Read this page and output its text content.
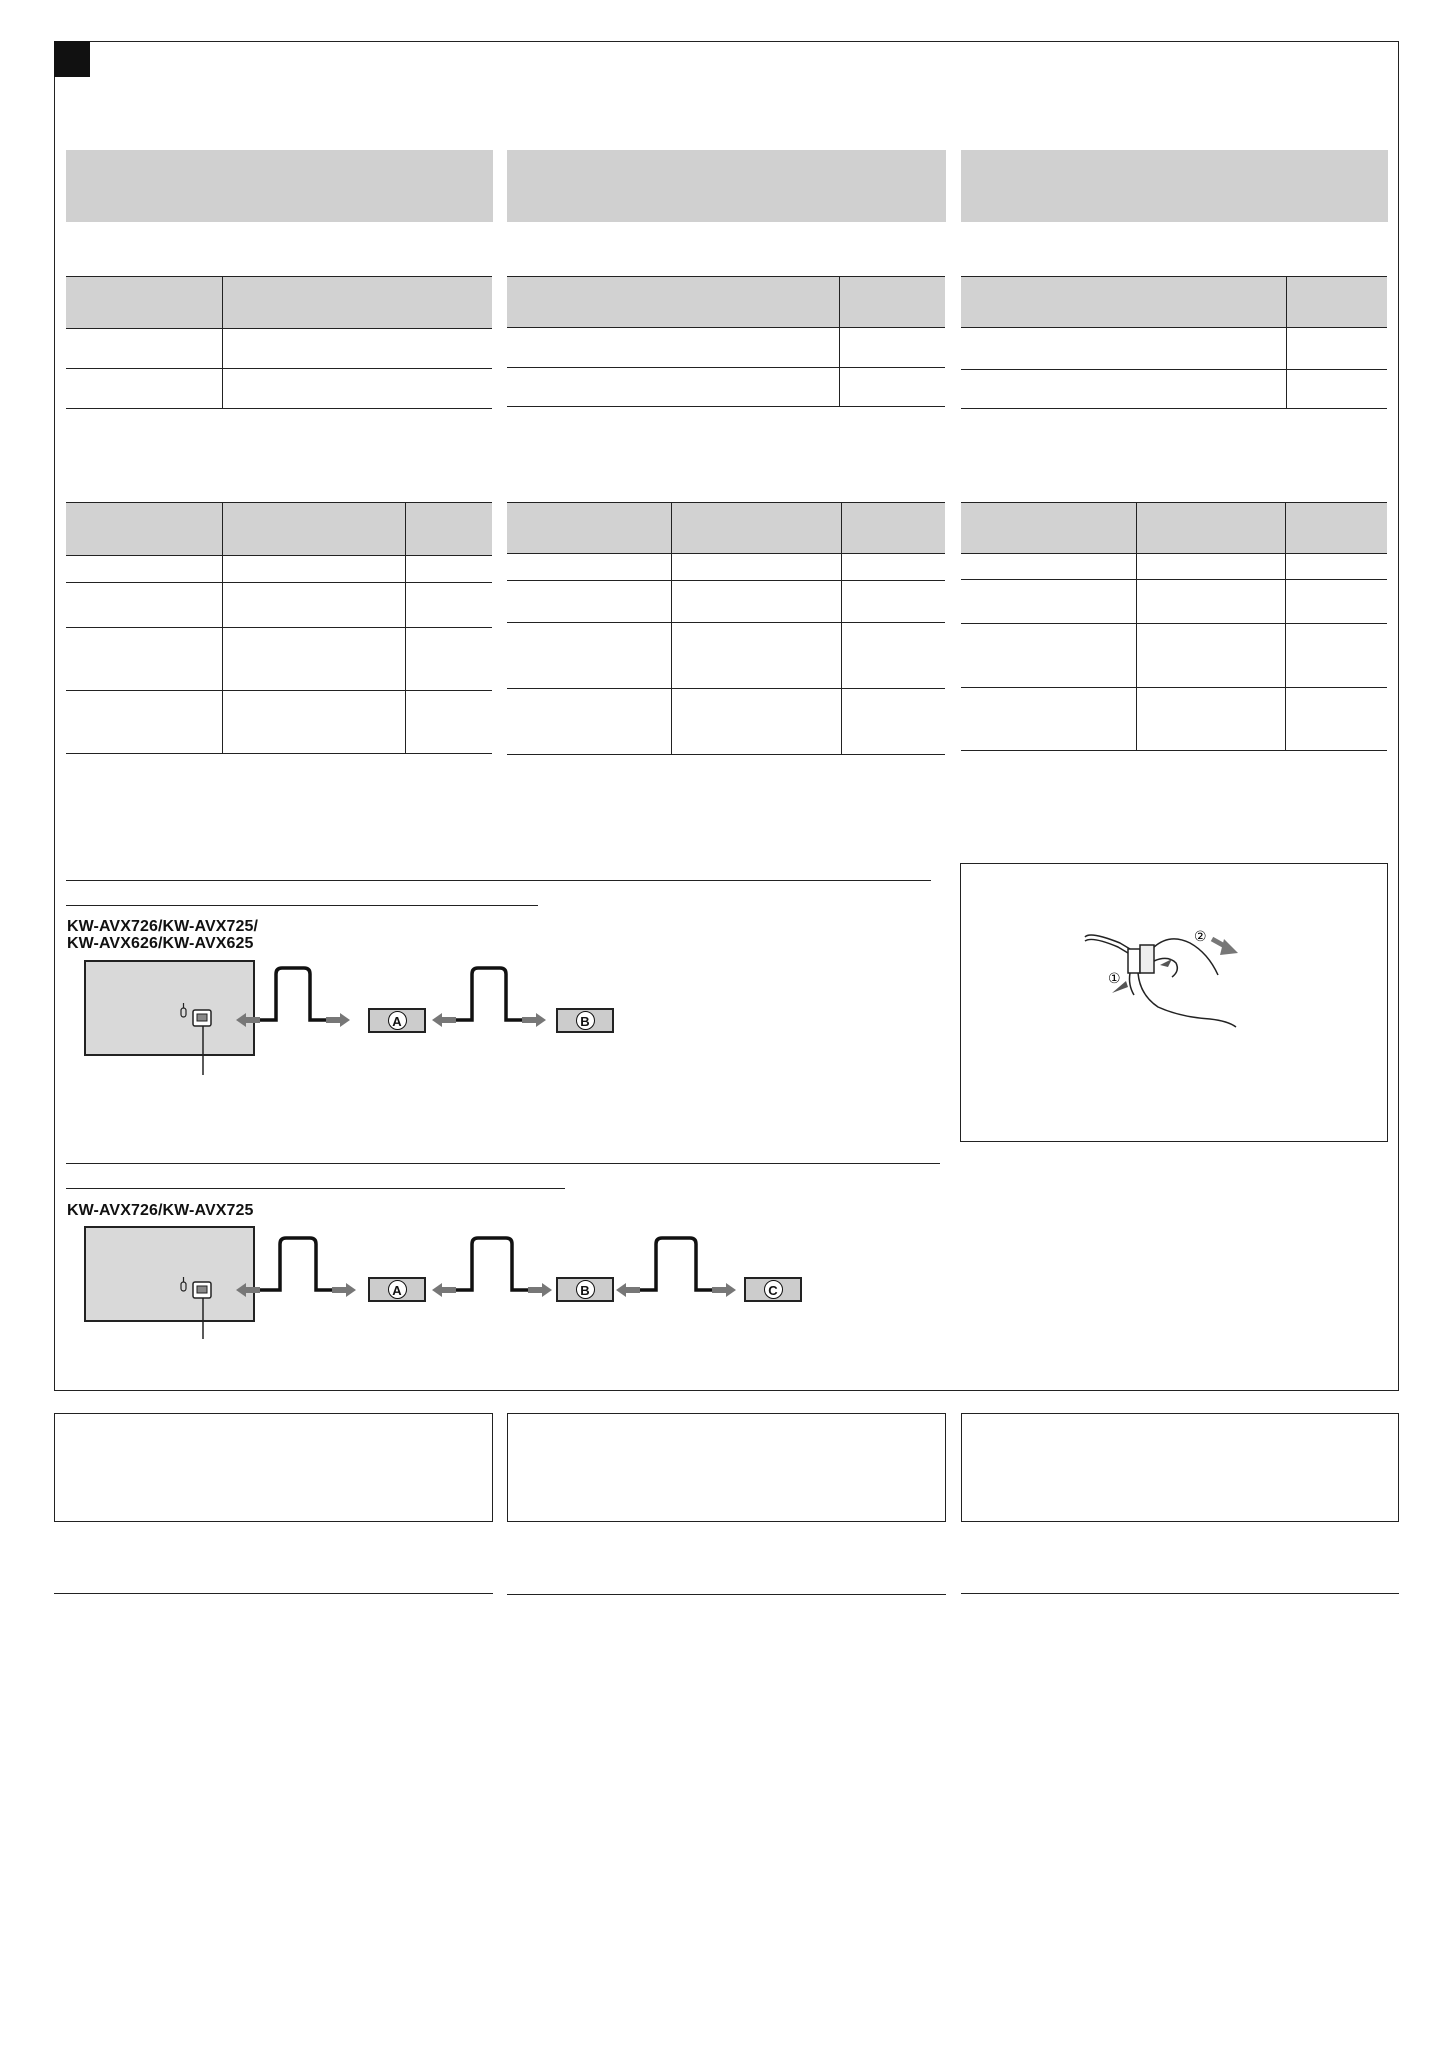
KW-AVX726/KW-AVX725/
KW-AVX626/KW-AVX625
A	B
KW-AVX726/KW-AVX725
A	B	C
①
②
